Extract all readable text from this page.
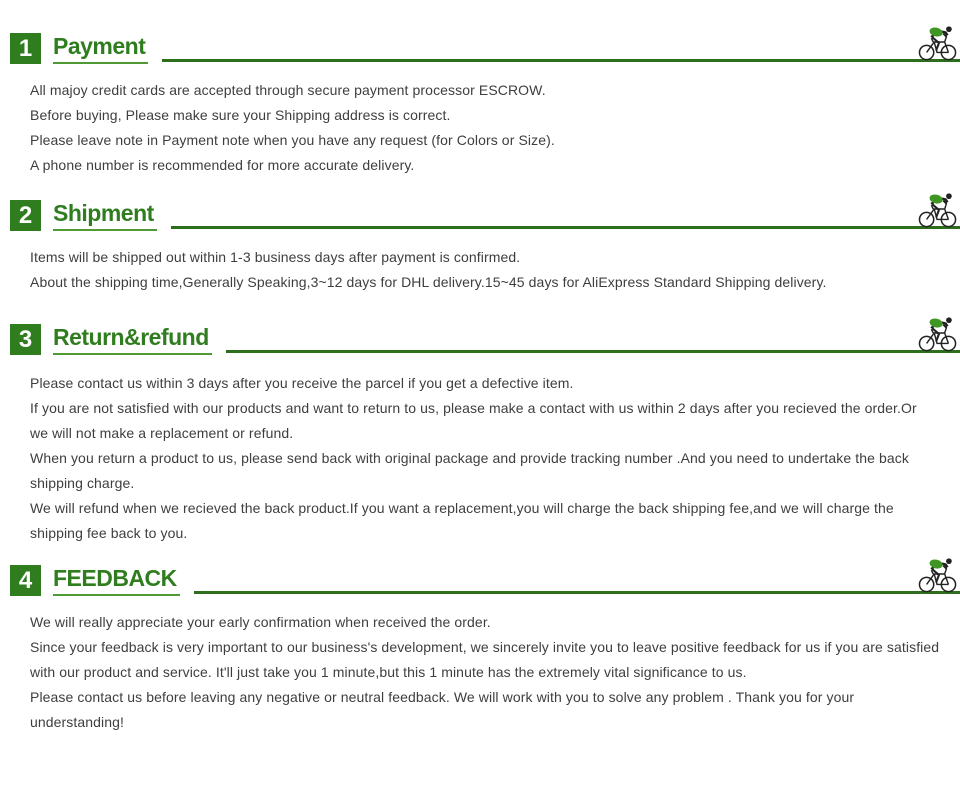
1 Payment
All majoy credit cards are accepted through secure payment processor ESCROW.
Before buying, Please make sure your Shipping address is correct.
Please leave note in Payment note when you have any request (for Colors or Size).
A phone number is recommended for more accurate delivery.
2 Shipment
Items will be shipped out within 1-3 business days after payment is confirmed.
About the shipping time,Generally Speaking,3~12 days for DHL delivery.15~45 days for AliExpress Standard Shipping delivery.
3 Return&refund
Please contact us within 3 days after you receive the parcel if you get a defective item.
If you are not satisfied with our products and want to return to us, please make a contact with us within 2 days after you recieved the order.Or
we will not make a replacement or refund.
When you return a product to us, please send back with original package and provide tracking number .And you need to undertake the back
shipping charge.
We will refund when we recieved the back product.If you want a replacement,you will charge the back shipping fee,and we will charge the
shipping fee back to you.
4 FEEDBACK
We will really appreciate your early confirmation when received the order.
Since your feedback is very important to our business's development, we sincerely invite you to leave positive feedback for us if you are satisfied
with our product and service. It'll just take you 1 minute,but this 1 minute has the extremely vital significance to us.
Please contact us before leaving any negative or neutral feedback. We will work with you to solve any problem . Thank you for your
understanding!
